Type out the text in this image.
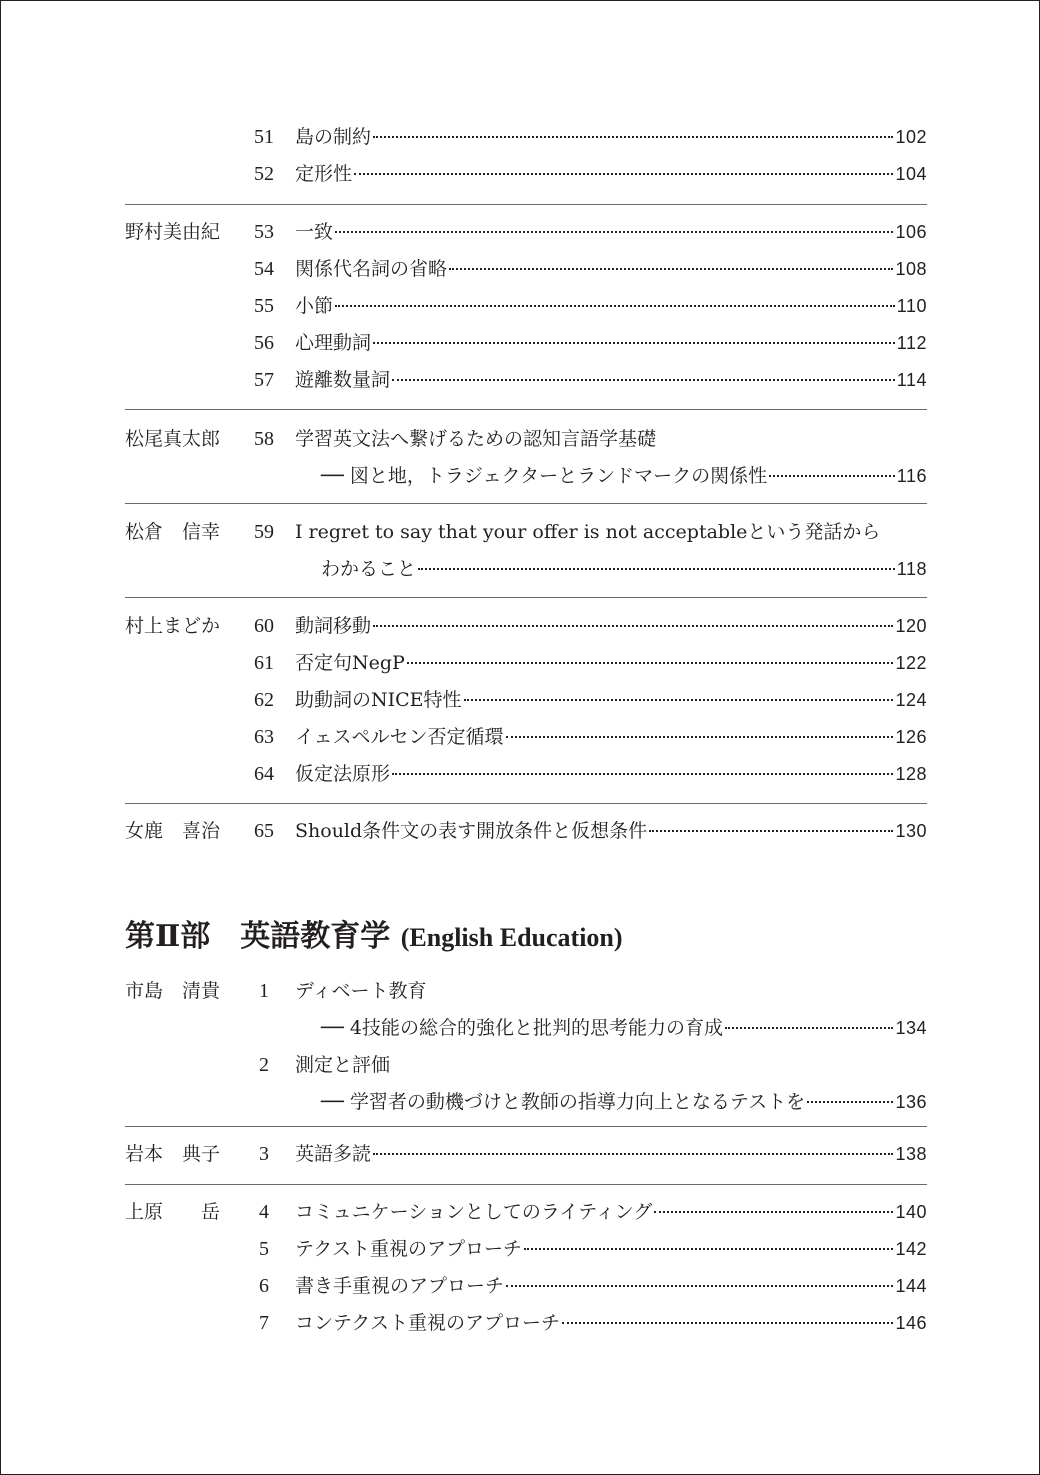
51 島の制約	102
52 定形性	104
野村美由紀	53 一致	106
54 関係代名詞の省略	108
55 小節	110
56 心理動詞	112
57 遊離数量詞	114
松尾真太郎	58 学習英文法へ繋げるための認知言語学基礎
── 図と地，トラジェクターとランドマークの関係性	116
松倉　信幸	59 I regret to say that your offer is not acceptableという発話から
わかること	118
村上まどか	60 動詞移動	120
61 否定句NegP	122
62 助動詞のNICE特性	124
63 イェスペルセン否定循環	126
64 仮定法原形	128
女鹿　喜治	65 Should条件文の表す開放条件と仮想条件	130
市島　清貴	1	ディベート教育
── 4技能の総合的強化と批判的思考能力の育成	134
2	測定と評価
── 学習者の動機づけと教師の指導力向上となるテストを	136
岩本　典子	3	英語多読	138
上原　　岳	4	コミュニケーションとしてのライティング	140
5	テクスト重視のアプローチ	142
6	書き手重視のアプローチ	144
7	コンテクスト重視のアプローチ	146
第Ⅱ部 英語教育学 (English Education)
